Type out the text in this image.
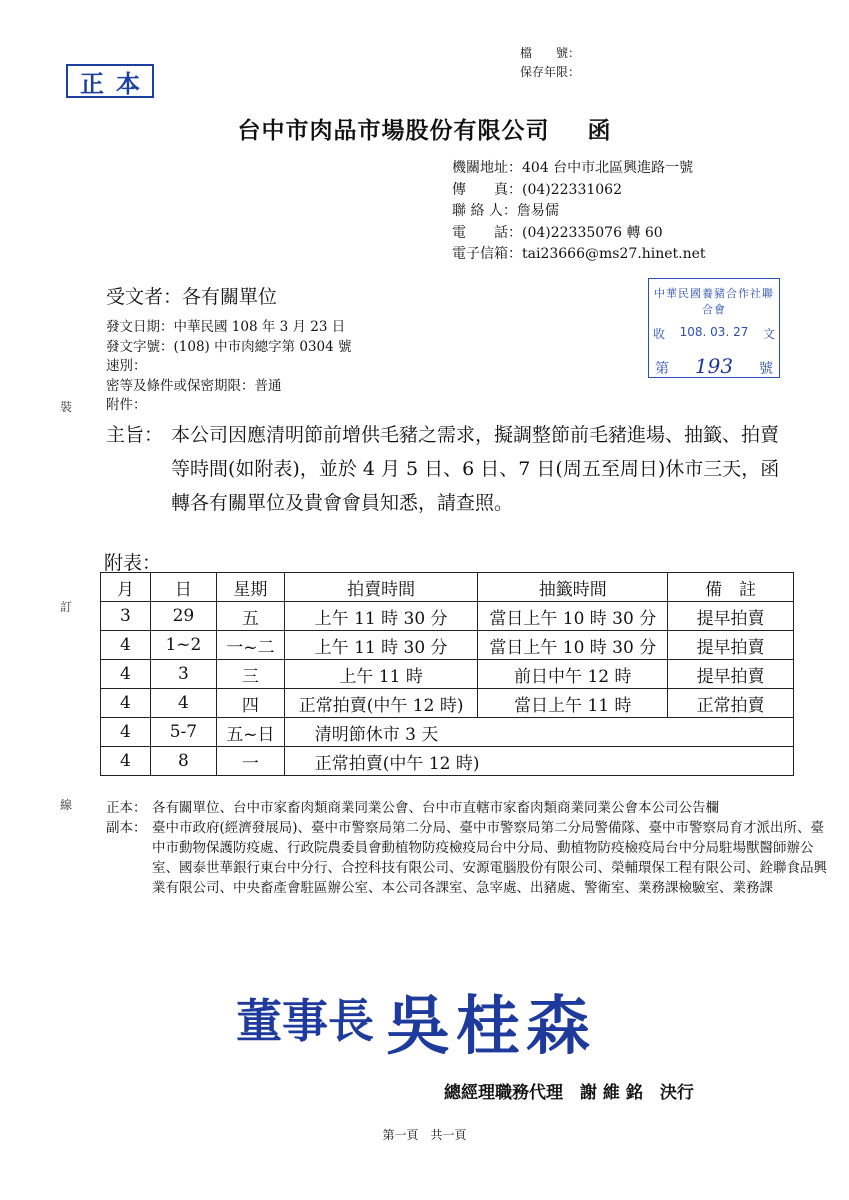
檔　　號：
保存年限：
正 本
台中市肉品市場股份有限公司 函
機關地址：404 台中市北區興進路一號
傳　　真：(04)22331062
聯 絡 人：詹易儒
電　　話：(04)22335076 轉 60
電子信箱：tai23666@ms27.hinet.net
受文者：各有關單位	中華民國養豬合作社聯合會
收 108. 03. 27 文
第 193 號
發文日期：中華民國 108 年 3 月 23 日
發文字號：(108) 中市肉總字第 0304 號
速別：
密等及條件或保密期限：普通
附件：
主旨： 本公司因應清明節前增供毛豬之需求，擬調整節前毛豬進場、抽籤、拍賣等時間(如附表)，並於 4 月 5 日、6 日、7 日(周五至周日)休市三天，函轉各有關單位及貴會會員知悉，請查照。
附表：
月	日	星期	拍賣時間	抽籤時間	備　註
3	29	五	上午 11 時 30 分	當日上午 10 時 30 分	提早拍賣
4	1~2	一~二	上午 11 時 30 分	當日上午 10 時 30 分	提早拍賣
4	3	三	上午 11 時	前日中午 12 時	提早拍賣
4	4	四	正常拍賣(中午 12 時)	當日上午 11 時	正常拍賣
4	5-7	五~日	清明節休市 3 天		
4	8	一	正常拍賣(中午 12 時)		
正本： 各有關單位、台中市家畜肉類商業同業公會、台中市直轄市家畜肉類商業同業公會本公司公告欄
副本： 臺中市政府(經濟發展局)、臺中市警察局第二分局、臺中市警察局第二分局警備隊、臺中市警察局育才派出所、臺中市動物保護防疫處、行政院農委員會動植物防疫檢疫局台中分局、動植物防疫檢疫局台中分局駐場獸醫師辦公室、國泰世華銀行東台中分行、合控科技有限公司、安源電腦股份有限公司、榮輔環保工程有限公司、銓聯食品興業有限公司、中央畜產會駐區辦公室、本公司各課室、急宰處、出豬處、警衛室、業務課檢驗室、業務課
董事長 吳桂森
總經理職務代理　謝 維 銘　決行
第一頁　共一頁
裝
訂
線
